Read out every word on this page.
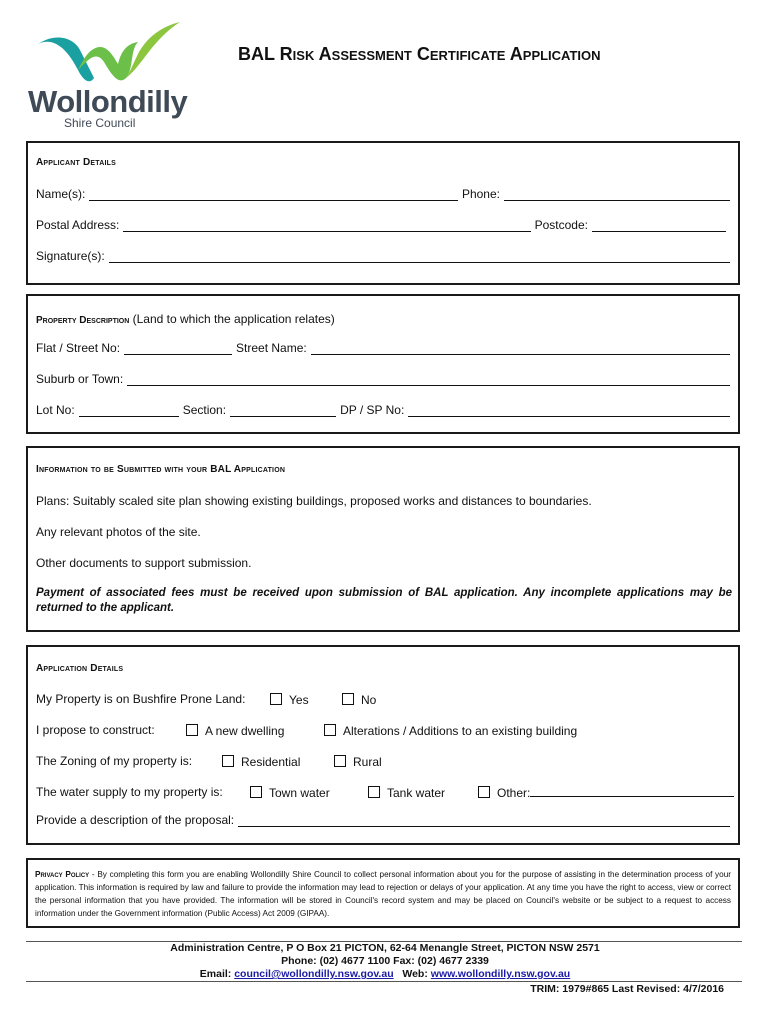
Wollondilly
Shire Council
BAL Risk Assessment Certificate Application
Applicant Details
Name(s):	Phone:
Postal Address:	Postcode:
Signature(s):
Property Description (Land to which the application relates)
Flat / Street No:	Street Name:
Suburb or Town:
Lot No:	Section:	DP / SP No:
Information to be Submitted with your BAL Application
Plans: Suitably scaled site plan showing existing buildings, proposed works and distances to boundaries.
Any relevant photos of the site.
Other documents to support submission.
Payment of associated fees must be received upon submission of BAL application. Any incomplete applications may be returned to the applicant.
Application Details
My Property is on Bushfire Prone Land:	Yes	No
I propose to construct:	A new dwelling	Alterations / Additions to an existing building
The Zoning of my property is:	Residential	Rural
The water supply to my property is:	Town water	Tank water	Other:
Provide a description of the proposal:
Privacy Policy - By completing this form you are enabling Wollondilly Shire Council to collect personal information about you for the purpose of assisting in the determination process of your application. This information is required by law and failure to provide the information may lead to rejection or delays of your application. At any time you have the right to access, view or correct the personal information that you have provided. The information will be stored in Council's record system and may be placed on Council's website or be subject to a request to access information under the Government information (Public Access) Act 2009 (GIPAA).
Administration Centre, P O Box 21 PICTON, 62-64 Menangle Street, PICTON NSW 2571
Phone: (02) 4677 1100 Fax: (02) 4677 2339
Email: council@wollondilly.nsw.gov.au Web: www.wollondilly.nsw.gov.au
TRIM: 1979#865 Last Revised: 4/7/2016
